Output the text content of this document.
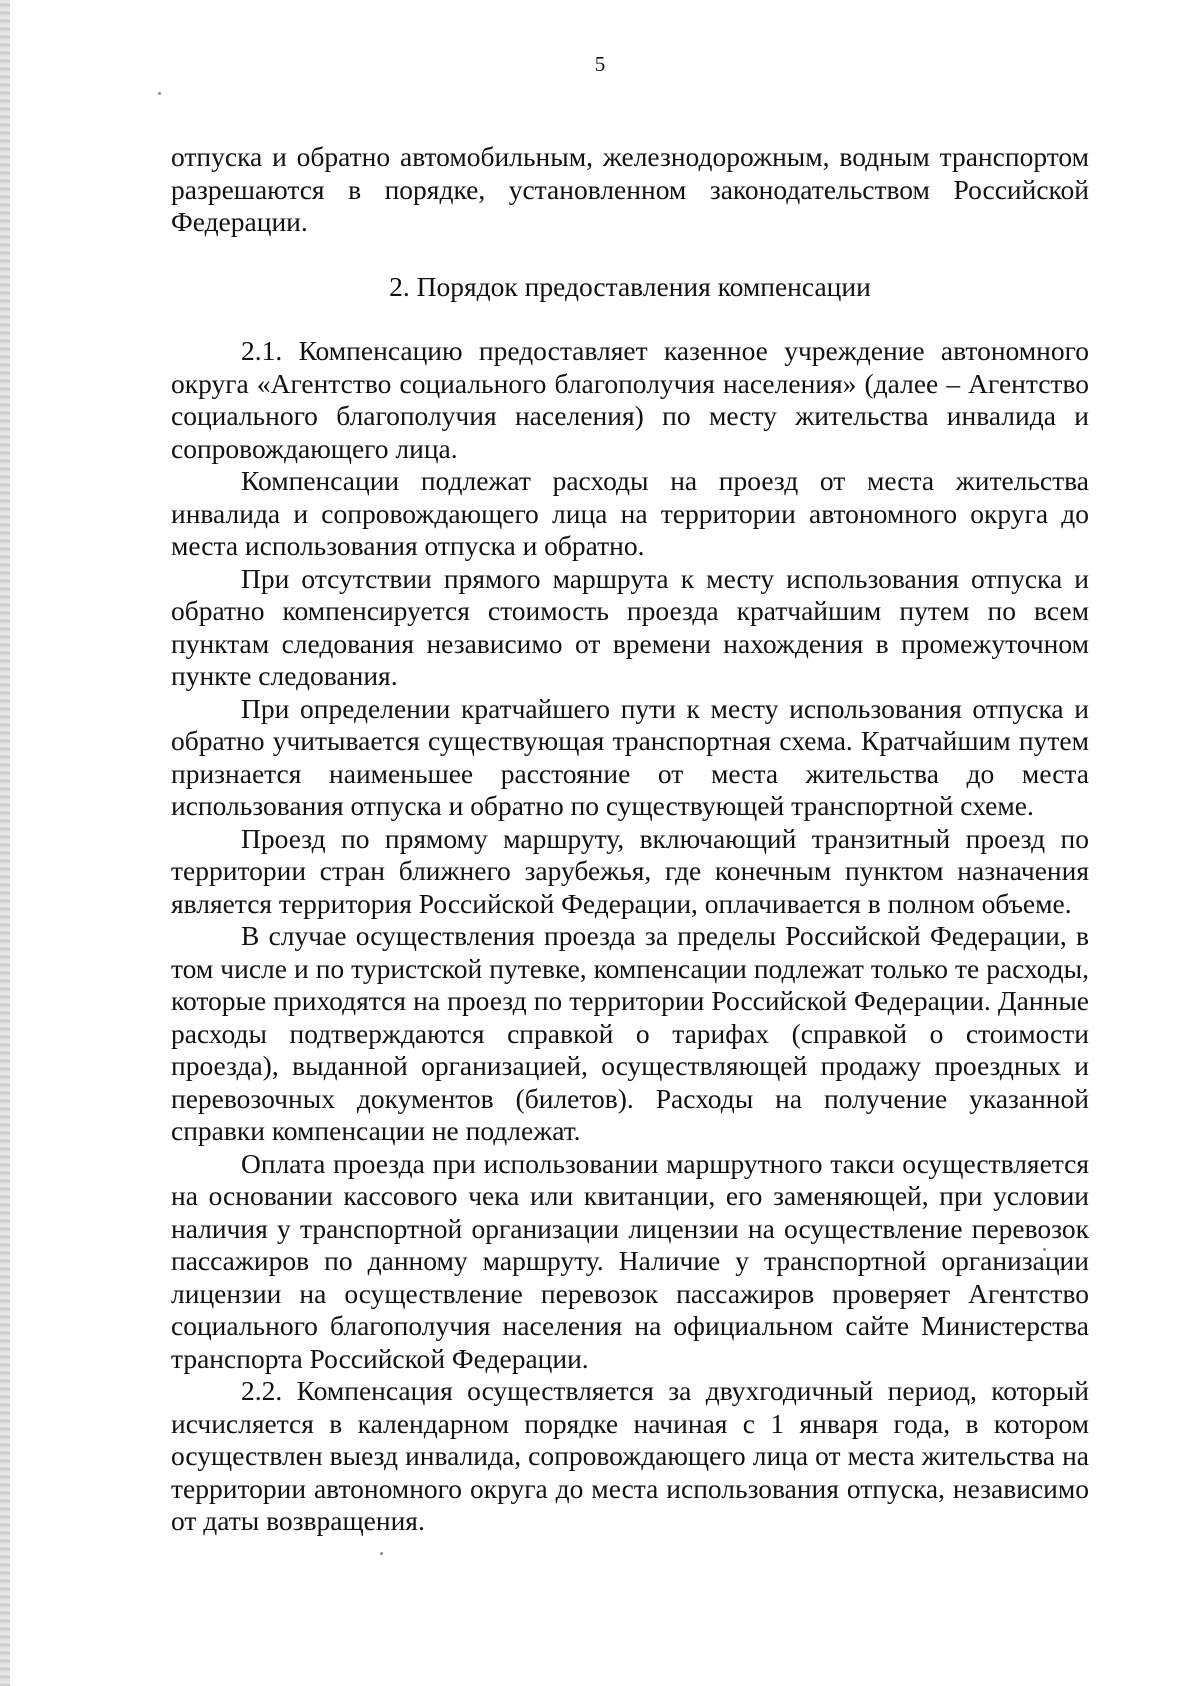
5

отпуска и обратно автомобильным, железнодорожным, водным транспортом разрешаются в порядке, установленном законодательством Российской Федерации.

2. Порядок предоставления компенсации

2.1. Компенсацию предоставляет казенное учреждение автономного округа «Агентство социального благополучия населения» (далее – Агентство социального благополучия населения) по месту жительства инвалида и сопровождающего лица.

Компенсации подлежат расходы на проезд от места жительства инвалида и сопровождающего лица на территории автономного округа до места использования отпуска и обратно.

При отсутствии прямого маршрута к месту использования отпуска и обратно компенсируется стоимость проезда кратчайшим путем по всем пунктам следования независимо от времени нахождения в промежуточном пункте следования.

При определении кратчайшего пути к месту использования отпуска и обратно учитывается существующая транспортная схема. Кратчайшим путем признается наименьшее расстояние от места жительства до места использования отпуска и обратно по существующей транспортной схеме.

Проезд по прямому маршруту, включающий транзитный проезд по территории стран ближнего зарубежья, где конечным пунктом назначения является территория Российской Федерации, оплачивается в полном объеме.

В случае осуществления проезда за пределы Российской Федерации, в том числе и по туристской путевке, компенсации подлежат только те расходы, которые приходятся на проезд по территории Российской Федерации. Данные расходы подтверждаются справкой о тарифах (справкой о стоимости проезда), выданной организацией, осуществляющей продажу проездных и перевозочных документов (билетов). Расходы на получение указанной справки компенсации не подлежат.

Оплата проезда при использовании маршрутного такси осуществляется на основании кассового чека или квитанции, его заменяющей, при условии наличия у транспортной организации лицензии на осуществление перевозок пассажиров по данному маршруту. Наличие у транспортной организации лицензии на осуществление перевозок пассажиров проверяет Агентство социального благополучия населения на официальном сайте Министерства транспорта Российской Федерации.

2.2. Компенсация осуществляется за двухгодичный период, который исчисляется в календарном порядке начиная с 1 января года, в котором осуществлен выезд инвалида, сопровождающего лица от места жительства на территории автономного округа до места использования отпуска, независимо от даты возвращения.
